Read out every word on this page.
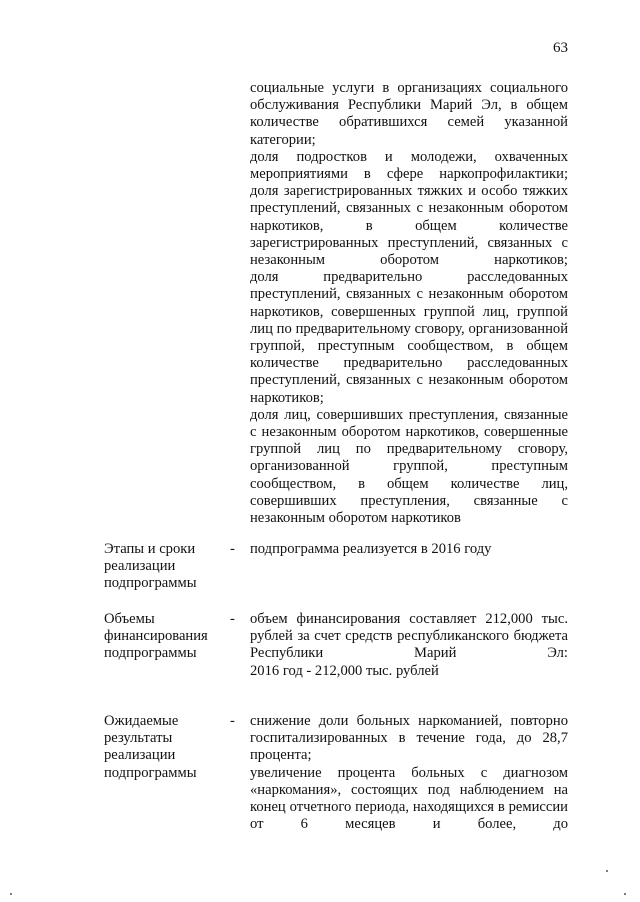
63

социальные услуги в организациях социального обслуживания Республики Марий Эл, в общем количестве обратившихся семей указанной категории;

доля подростков и молодежи, охваченных мероприятиями в сфере наркопрофилактики;

доля зарегистрированных тяжких и особо тяжких преступлений, связанных с незаконным оборотом наркотиков, в общем количестве зарегистрированных преступлений, связанных с незаконным оборотом наркотиков;

доля предварительно расследованных преступлений, связанных с незаконным оборотом наркотиков, совершенных группой лиц, группой лиц по предварительному сговору, организованной группой, преступным сообществом, в общем количестве предварительно расследованных преступлений, связанных с незаконным оборотом наркотиков;

доля лиц, совершивших преступления, связанные с незаконным оборотом наркотиков, совершенные группой лиц по предварительному сговору, организованной группой, преступным сообществом, в общем количестве лиц, совершивших преступления, связанные с незаконным оборотом наркотиков

Этапы и сроки
реализации
подпрограммы
- подпрограмма реализуется в 2016 году

Объемы
финансирования
подпрограммы
- объем финансирования составляет 212,000 тыс. рублей за счет средств республиканского бюджета Республики Марий Эл:

2016 год - 212,000 тыс. рублей

Ожидаемые
результаты
реализации
подпрограммы
- снижение доли больных наркоманией, повторно госпитализированных в течение года, до 28,7 процента;

увеличение процента больных с диагнозом «наркомания», состоящих под наблюдением на конец отчетного периода, находящихся в ремиссии от 6 месяцев и более, до
